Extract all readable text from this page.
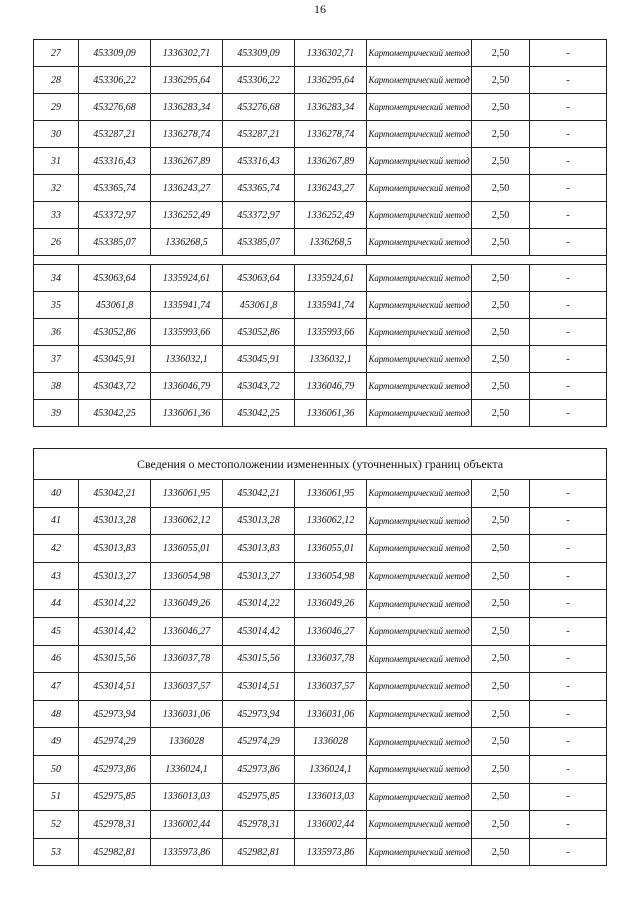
16
27	453309,09	1336302,71	453309,09	1336302,71	Картометрический метод	2,50	-
28	453306,22	1336295,64	453306,22	1336295,64	Картометрический метод	2,50	-
29	453276,68	1336283,34	453276,68	1336283,34	Картометрический метод	2,50	-
30	453287,21	1336278,74	453287,21	1336278,74	Картометрический метод	2,50	-
31	453316,43	1336267,89	453316,43	1336267,89	Картометрический метод	2,50	-
32	453365,74	1336243,27	453365,74	1336243,27	Картометрический метод	2,50	-
33	453372,97	1336252,49	453372,97	1336252,49	Картометрический метод	2,50	-
26	453385,07	1336268,5	453385,07	1336268,5	Картометрический метод	2,50	-

34	453063,64	1335924,61	453063,64	1335924,61	Картометрический метод	2,50	-
35	453061,8	1335941,74	453061,8	1335941,74	Картометрический метод	2,50	-
36	453052,86	1335993,66	453052,86	1335993,66	Картометрический метод	2,50	-
37	453045,91	1336032,1	453045,91	1336032,1	Картометрический метод	2,50	-
38	453043,72	1336046,79	453043,72	1336046,79	Картометрический метод	2,50	-
39	453042,25	1336061,36	453042,25	1336061,36	Картометрический метод	2,50	-
Сведения о местоположении измененных (уточненных) границ объекта							
40	453042,21	1336061,95	453042,21	1336061,95	Картометрический метод	2,50	-
41	453013,28	1336062,12	453013,28	1336062,12	Картометрический метод	2,50	-
42	453013,83	1336055,01	453013,83	1336055,01	Картометрический метод	2,50	-
43	453013,27	1336054,98	453013,27	1336054,98	Картометрический метод	2,50	-
44	453014,22	1336049,26	453014,22	1336049,26	Картометрический метод	2,50	-
45	453014,42	1336046,27	453014,42	1336046,27	Картометрический метод	2,50	-
46	453015,56	1336037,78	453015,56	1336037,78	Картометрический метод	2,50	-
47	453014,51	1336037,57	453014,51	1336037,57	Картометрический метод	2,50	-
48	452973,94	1336031,06	452973,94	1336031,06	Картометрический метод	2,50	-
49	452974,29	1336028	452974,29	1336028	Картометрический метод	2,50	-
50	452973,86	1336024,1	452973,86	1336024,1	Картометрический метод	2,50	-
51	452975,85	1336013,03	452975,85	1336013,03	Картометрический метод	2,50	-
52	452978,31	1336002,44	452978,31	1336002,44	Картометрический метод	2,50	-
53	452982,81	1335973,86	452982,81	1335973,86	Картометрический метод	2,50	-
